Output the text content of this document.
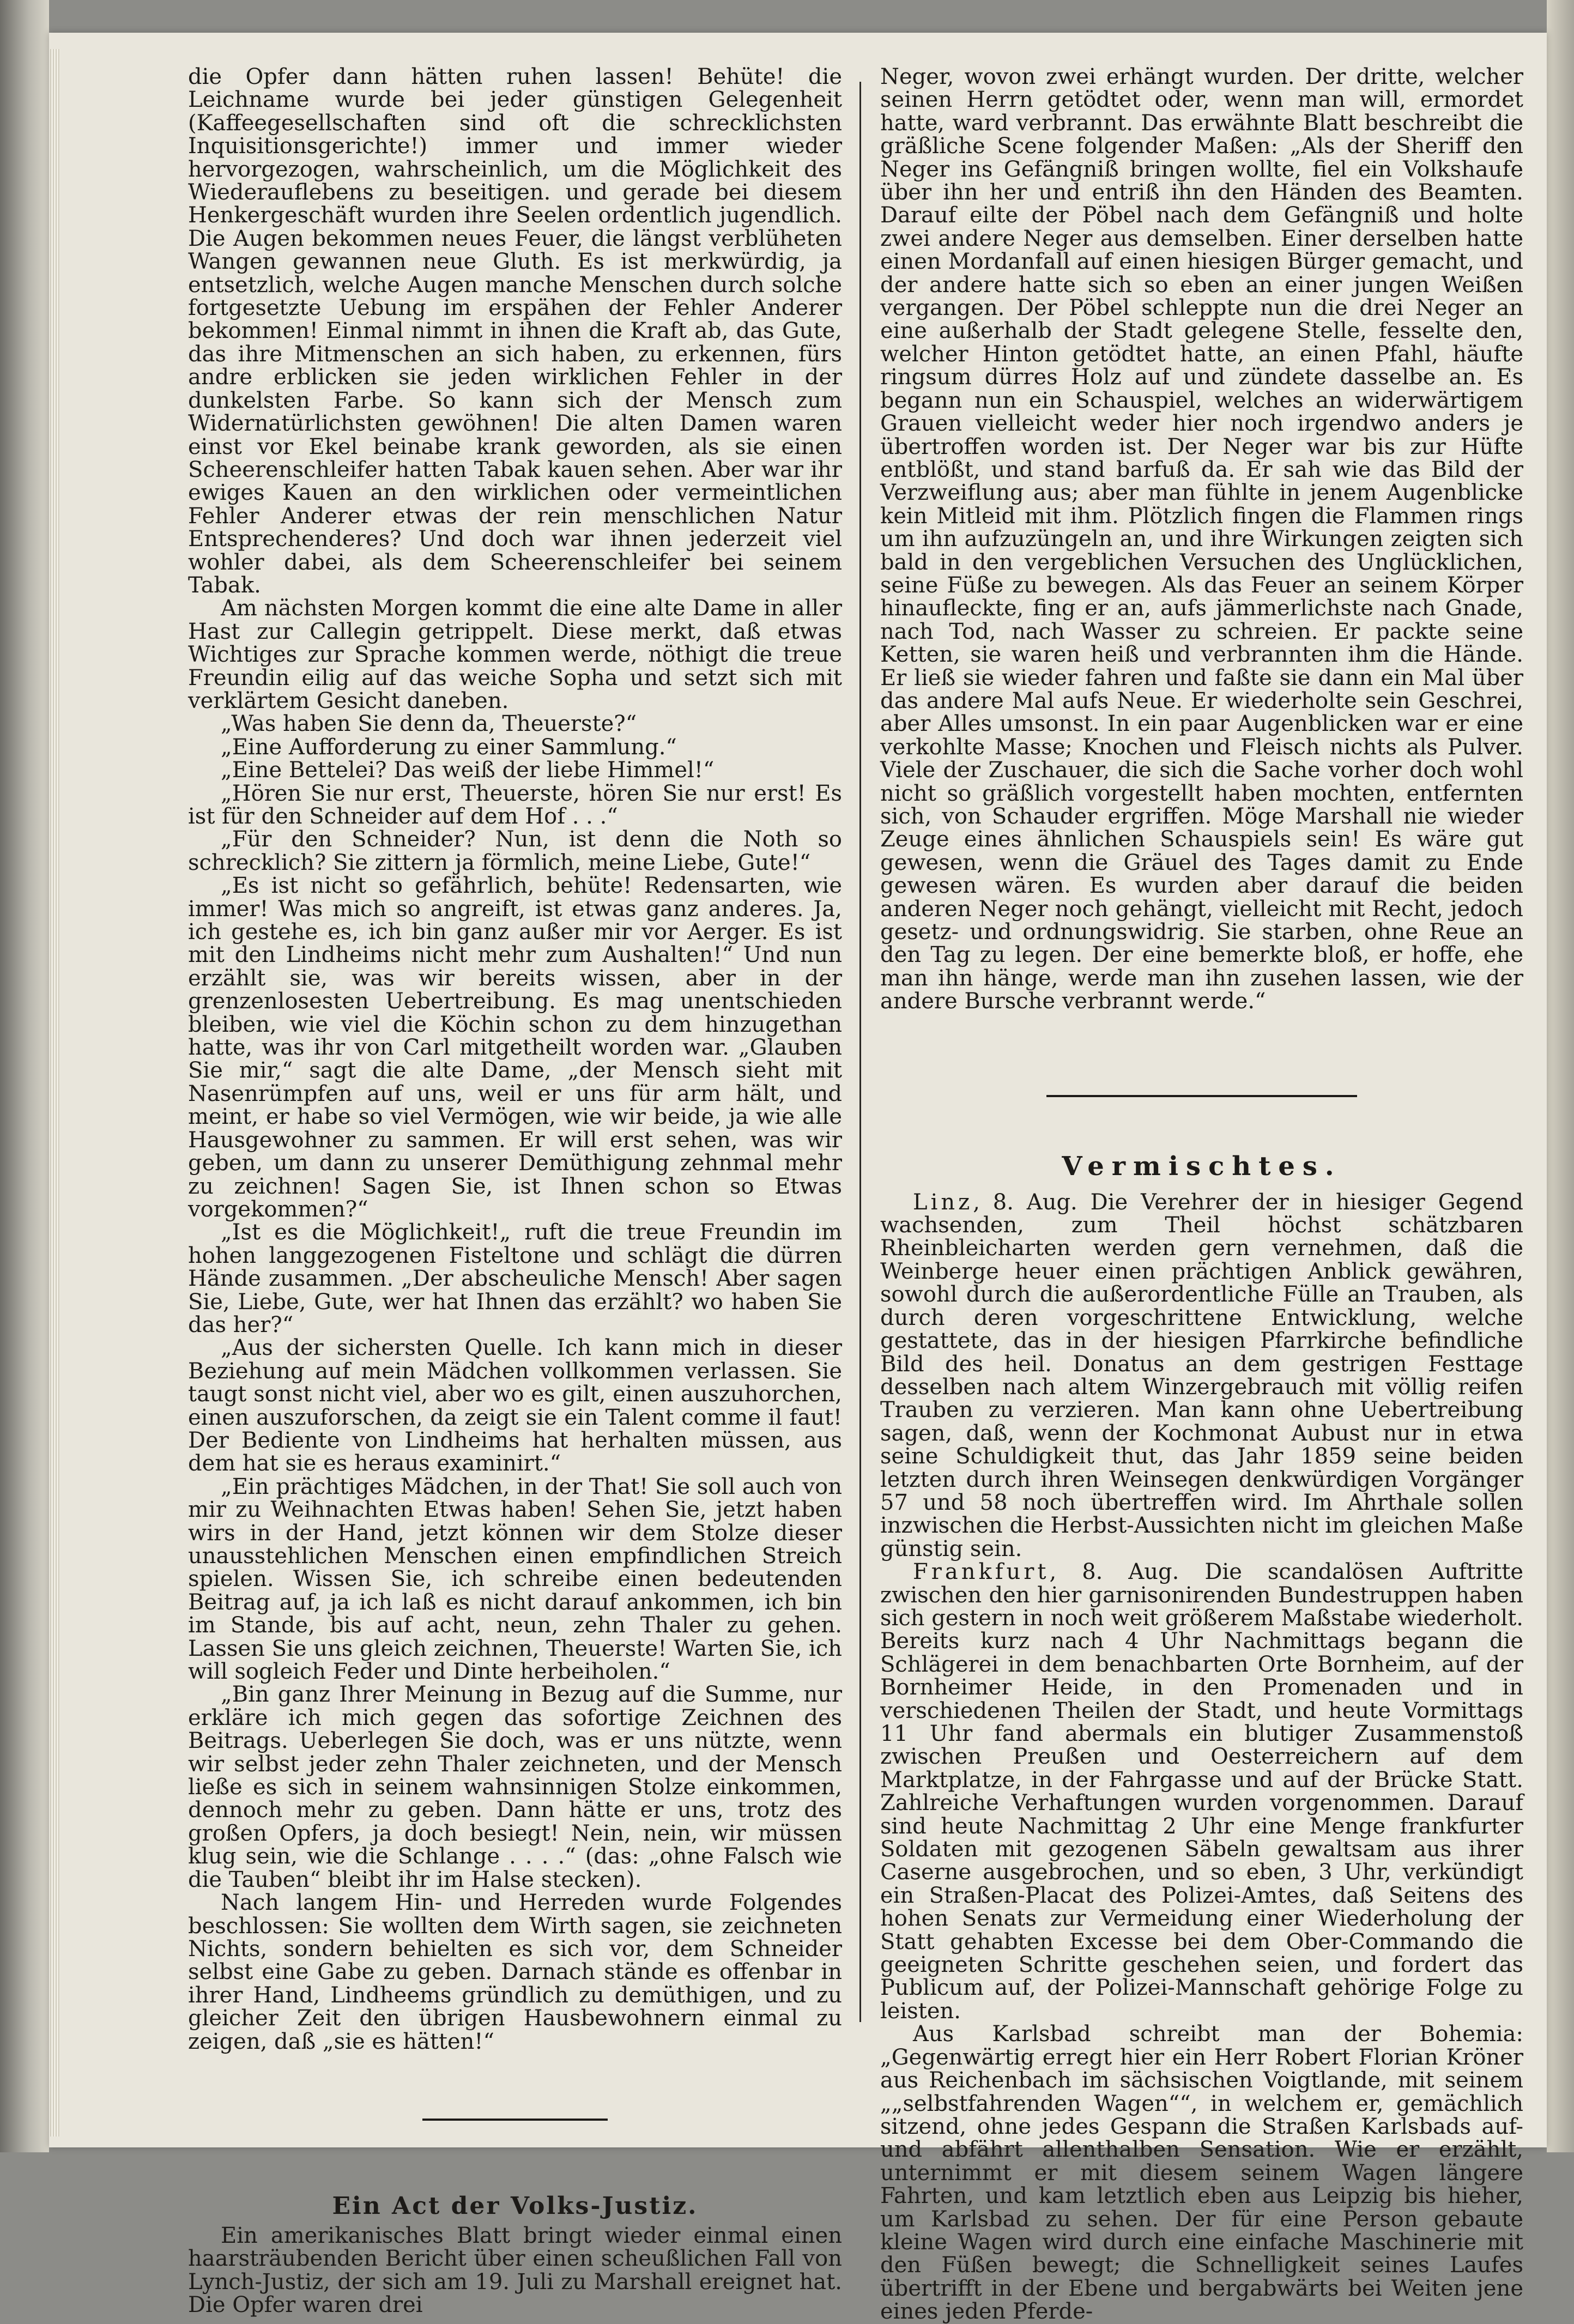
die Opfer dann hätten ruhen lassen! Behüte! die Leichname wurde bei jeder günstigen Gelegenheit (Kaffeegesellschaften sind oft die schrecklichsten Inquisitionsgerichte!) immer und immer wieder hervorgezogen, wahrscheinlich, um die Möglichkeit des Wiederauflebens zu beseitigen. und gerade bei diesem Henkergeschäft wurden ihre Seelen ordentlich jugendlich. Die Augen bekommen neues Feuer, die längst verblüheten Wangen gewannen neue Gluth. Es ist merkwürdig, ja entsetzlich, welche Augen manche Menschen durch solche fortgesetzte Uebung im erspähen der Fehler Anderer bekommen! Einmal nimmt in ihnen die Kraft ab, das Gute, das ihre Mitmenschen an sich haben, zu erkennen, fürs andre erblicken sie jeden wirklichen Fehler in der dunkelsten Farbe. So kann sich der Mensch zum Widernatürlichsten gewöhnen! Die alten Damen waren einst vor Ekel beinabe krank geworden, als sie einen Scheerenschleifer hatten Tabak kauen sehen. Aber war ihr ewiges Kauen an den wirklichen oder vermeintlichen Fehler Anderer etwas der rein menschlichen Natur Entsprechenderes? Und doch war ihnen jederzeit viel wohler dabei, als dem Scheerenschleifer bei seinem Tabak.

Am nächsten Morgen kommt die eine alte Dame in aller Hast zur Callegin getrippelt. Diese merkt, daß etwas Wichtiges zur Sprache kommen werde, nöthigt die treue Freundin eilig auf das weiche Sopha und setzt sich mit verklärtem Gesicht daneben.

„Was haben Sie denn da, Theuerste?“

„Eine Aufforderung zu einer Sammlung.“

„Eine Bettelei? Das weiß der liebe Himmel!“

„Hören Sie nur erst, Theuerste, hören Sie nur erst! Es ist für den Schneider auf dem Hof . . .“

„Für den Schneider? Nun, ist denn die Noth so schrecklich? Sie zittern ja förmlich, meine Liebe, Gute!“

„Es ist nicht so gefährlich, behüte! Redensarten, wie immer! Was mich so angreift, ist etwas ganz anderes. Ja, ich gestehe es, ich bin ganz außer mir vor Aerger. Es ist mit den Lindheims nicht mehr zum Aushalten!“ Und nun erzählt sie, was wir bereits wissen, aber in der grenzenlosesten Uebertreibung. Es mag unentschieden bleiben, wie viel die Köchin schon zu dem hinzugethan hatte, was ihr von Carl mitgetheilt worden war. „Glauben Sie mir,“ sagt die alte Dame, „der Mensch sieht mit Nasenrümpfen auf uns, weil er uns für arm hält, und meint, er habe so viel Vermögen, wie wir beide, ja wie alle Hausgewohner zu sammen. Er will erst sehen, was wir geben, um dann zu unserer Demüthigung zehnmal mehr zu zeichnen! Sagen Sie, ist Ihnen schon so Etwas vorgekommen?“

„Ist es die Möglichkeit!„ ruft die treue Freundin im hohen langgezogenen Fisteltone und schlägt die dürren Hände zusammen. „Der abscheuliche Mensch! Aber sagen Sie, Liebe, Gute, wer hat Ihnen das erzählt? wo haben Sie das her?“

„Aus der sichersten Quelle. Ich kann mich in dieser Beziehung auf mein Mädchen vollkommen verlassen. Sie taugt sonst nicht viel, aber wo es gilt, einen auszuhorchen, einen auszuforschen, da zeigt sie ein Talent comme il faut! Der Bediente von Lindheims hat herhalten müssen, aus dem hat sie es heraus examinirt.“

„Ein prächtiges Mädchen, in der That! Sie soll auch von mir zu Weihnachten Etwas haben! Sehen Sie, jetzt haben wirs in der Hand, jetzt können wir dem Stolze dieser unausstehlichen Menschen einen empfindlichen Streich spielen. Wissen Sie, ich schreibe einen bedeutenden Beitrag auf, ja ich laß es nicht darauf ankommen, ich bin im Stande, bis auf acht, neun, zehn Thaler zu gehen. Lassen Sie uns gleich zeichnen, Theuerste! Warten Sie, ich will sogleich Feder und Dinte herbeiholen.“

„Bin ganz Ihrer Meinung in Bezug auf die Summe, nur erkläre ich mich gegen das sofortige Zeichnen des Beitrags. Ueberlegen Sie doch, was er uns nützte, wenn wir selbst jeder zehn Thaler zeichneten, und der Mensch ließe es sich in seinem wahnsinnigen Stolze einkommen, dennoch mehr zu geben. Dann hätte er uns, trotz des großen Opfers, ja doch besiegt! Nein, nein, wir müssen klug sein, wie die Schlange . . . .“ (das: „ohne Falsch wie die Tauben“ bleibt ihr im Halse stecken).

Nach langem Hin- und Herreden wurde Folgendes beschlossen: Sie wollten dem Wirth sagen, sie zeichneten Nichts, sondern behielten es sich vor, dem Schneider selbst eine Gabe zu geben. Darnach stände es offenbar in ihrer Hand, Lindheems gründlich zu demüthigen, und zu gleicher Zeit den übrigen Hausbewohnern einmal zu zeigen, daß „sie es hätten!“

Ein Act der Volks-Justiz.

Ein amerikanisches Blatt bringt wieder einmal einen haarsträubenden Bericht über einen scheußlichen Fall von Lynch-Justiz, der sich am 19. Juli zu Marshall ereignet hat. Die Opfer waren drei

Neger, wovon zwei erhängt wurden. Der dritte, welcher seinen Herrn getödtet oder, wenn man will, ermordet hatte, ward verbrannt. Das erwähnte Blatt beschreibt die gräßliche Scene folgender Maßen: „Als der Sheriff den Neger ins Gefängniß bringen wollte, fiel ein Volkshaufe über ihn her und entriß ihn den Händen des Beamten. Darauf eilte der Pöbel nach dem Gefängniß und holte zwei andere Neger aus demselben. Einer derselben hatte einen Mordanfall auf einen hiesigen Bürger gemacht, und der andere hatte sich so eben an einer jungen Weißen vergangen. Der Pöbel schleppte nun die drei Neger an eine außerhalb der Stadt gelegene Stelle, fesselte den, welcher Hinton getödtet hatte, an einen Pfahl, häufte ringsum dürres Holz auf und zündete dasselbe an. Es begann nun ein Schauspiel, welches an widerwärtigem Grauen vielleicht weder hier noch irgendwo anders je übertroffen worden ist. Der Neger war bis zur Hüfte entblößt, und stand barfuß da. Er sah wie das Bild der Verzweiflung aus; aber man fühlte in jenem Augenblicke kein Mitleid mit ihm. Plötzlich fingen die Flammen rings um ihn aufzuzüngeln an, und ihre Wirkungen zeigten sich bald in den vergeblichen Versuchen des Unglücklichen, seine Füße zu bewegen. Als das Feuer an seinem Körper hinaufleckte, fing er an, aufs jämmerlichste nach Gnade, nach Tod, nach Wasser zu schreien. Er packte seine Ketten, sie waren heiß und verbrannten ihm die Hände. Er ließ sie wieder fahren und faßte sie dann ein Mal über das andere Mal aufs Neue. Er wiederholte sein Geschrei, aber Alles umsonst. In ein paar Augenblicken war er eine verkohlte Masse; Knochen und Fleisch nichts als Pulver. Viele der Zuschauer, die sich die Sache vorher doch wohl nicht so gräßlich vorgestellt haben mochten, entfernten sich, von Schauder ergriffen. Möge Marshall nie wieder Zeuge eines ähnlichen Schauspiels sein! Es wäre gut gewesen, wenn die Gräuel des Tages damit zu Ende gewesen wären. Es wurden aber darauf die beiden anderen Neger noch gehängt, vielleicht mit Recht, jedoch gesetz- und ordnungswidrig. Sie starben, ohne Reue an den Tag zu legen. Der eine bemerkte bloß, er hoffe, ehe man ihn hänge, werde man ihn zusehen lassen, wie der andere Bursche verbrannt werde.“

Vermischtes.

Linz, 8. Aug. Die Verehrer der in hiesiger Gegend wachsenden, zum Theil höchst schätzbaren Rheinbleicharten werden gern vernehmen, daß die Weinberge heuer einen prächtigen Anblick gewähren, sowohl durch die außerordentliche Fülle an Trauben, als durch deren vorgeschrittene Entwicklung, welche gestattete, das in der hiesigen Pfarrkirche befindliche Bild des heil. Donatus an dem gestrigen Festtage desselben nach altem Winzergebrauch mit völlig reifen Trauben zu verzieren. Man kann ohne Uebertreibung sagen, daß, wenn der Kochmonat Aubust nur in etwa seine Schuldigkeit thut, das Jahr 1859 seine beiden letzten durch ihren Weinsegen denkwürdigen Vorgänger 57 und 58 noch übertreffen wird. Im Ahrthale sollen inzwischen die Herbst-Aussichten nicht im gleichen Maße günstig sein.

Frankfurt, 8. Aug. Die scandalösen Auftritte zwischen den hier garnisonirenden Bundestruppen haben sich gestern in noch weit größerem Maßstabe wiederholt. Bereits kurz nach 4 Uhr Nachmittags begann die Schlägerei in dem benachbarten Orte Bornheim, auf der Bornheimer Heide, in den Promenaden und in verschiedenen Theilen der Stadt, und heute Vormittags 11 Uhr fand abermals ein blutiger Zusammenstoß zwischen Preußen und Oesterreichern auf dem Marktplatze, in der Fahrgasse und auf der Brücke Statt. Zahlreiche Verhaftungen wurden vorgenommen. Darauf sind heute Nachmittag 2 Uhr eine Menge frankfurter Soldaten mit gezogenen Säbeln gewaltsam aus ihrer Caserne ausgebrochen, und so eben, 3 Uhr, verkündigt ein Straßen-Placat des Polizei-Amtes, daß Seitens des hohen Senats zur Vermeidung einer Wiederholung der Statt gehabten Excesse bei dem Ober-Commando die geeigneten Schritte geschehen seien, und fordert das Publicum auf, der Polizei-Mannschaft gehörige Folge zu leisten.

Aus Karlsbad schreibt man der Bohemia: „Gegenwärtig erregt hier ein Herr Robert Florian Kröner aus Reichenbach im sächsischen Voigtlande, mit seinem „„selbstfahrenden Wagen““, in welchem er, gemächlich sitzend, ohne jedes Gespann die Straßen Karlsbads auf- und abfährt allenthalben Sensation. Wie er erzählt, unternimmt er mit diesem seinem Wagen längere Fahrten, und kam letztlich eben aus Leipzig bis hieher, um Karlsbad zu sehen. Der für eine Person gebaute kleine Wagen wird durch eine einfache Maschinerie mit den Füßen bewegt; die Schnelligkeit seines Laufes übertrifft in der Ebene und bergabwärts bei Weiten jene eines jeden Pferde-
